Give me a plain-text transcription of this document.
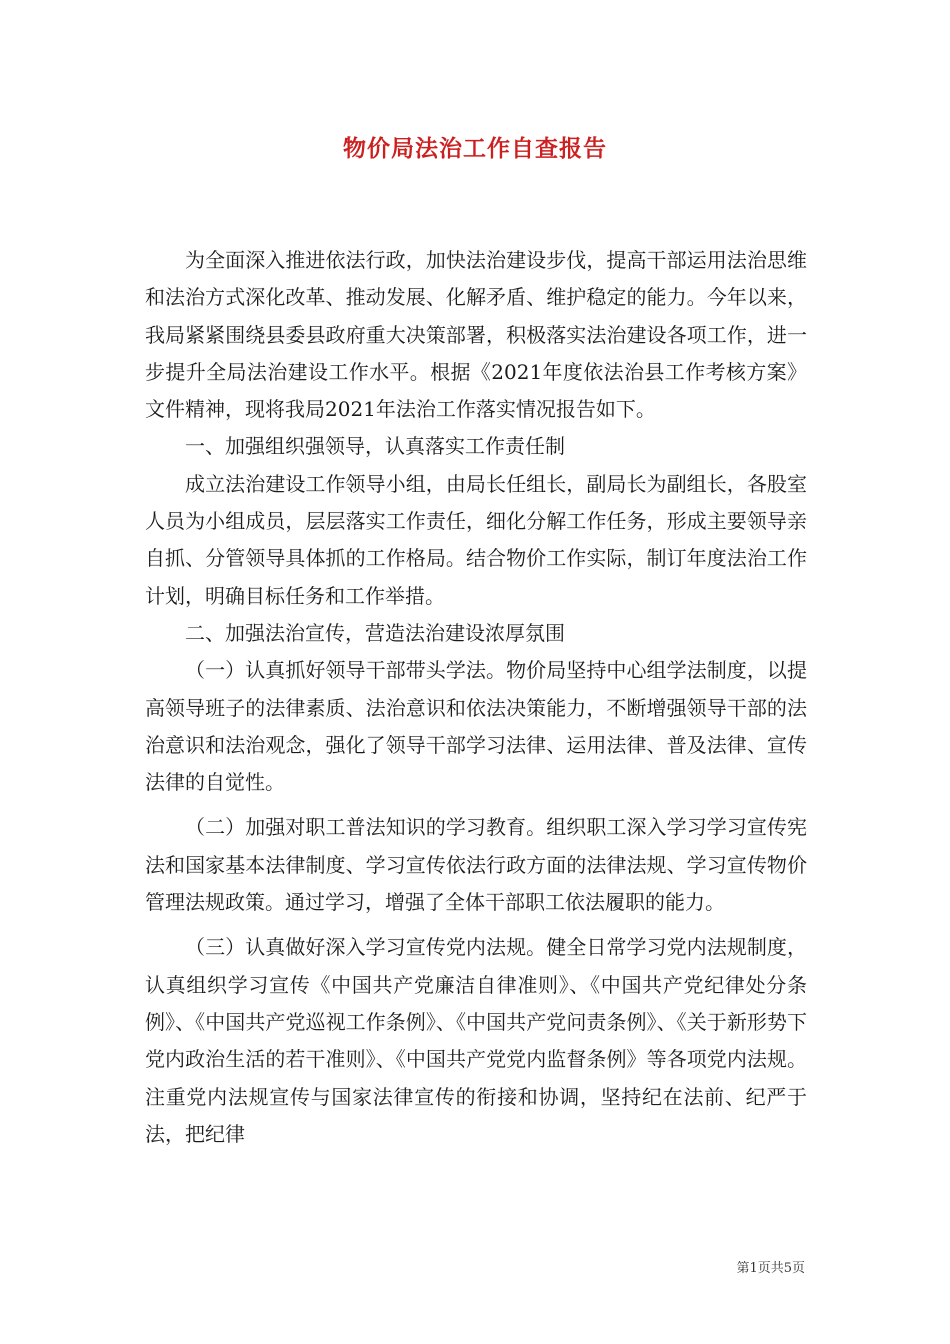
物价局法治工作自查报告

为全面深入推进依法行政，加快法治建设步伐，提高干部运用法治思维和法治方式深化改革、推动发展、化解矛盾、维护稳定的能力。今年以来，我局紧紧围绕县委县政府重大决策部署，积极落实法治建设各项工作，进一步提升全局法治建设工作水平。根据《2021年度依法治县工作考核方案》文件精神，现将我局2021年法治工作落实情况报告如下。

一、加强组织强领导，认真落实工作责任制

成立法治建设工作领导小组，由局长任组长，副局长为副组长，各股室人员为小组成员，层层落实工作责任，细化分解工作任务，形成主要领导亲自抓、分管领导具体抓的工作格局。结合物价工作实际，制订年度法治工作计划，明确目标任务和工作举措。

二、加强法治宣传，营造法治建设浓厚氛围

（一）认真抓好领导干部带头学法。物价局坚持中心组学法制度，以提高领导班子的法律素质、法治意识和依法决策能力，不断增强领导干部的法治意识和法治观念，强化了领导干部学习法律、运用法律、普及法律、宣传法律的自觉性。

（二）加强对职工普法知识的学习教育。组织职工深入学习学习宣传宪法和国家基本法律制度、学习宣传依法行政方面的法律法规、学习宣传物价管理法规政策。通过学习，增强了全体干部职工依法履职的能力。

（三）认真做好深入学习宣传党内法规。健全日常学习党内法规制度，认真组织学习宣传《中国共产党廉洁自律准则》、《中国共产党纪律处分条例》、《中国共产党巡视工作条例》、《中国共产党问责条例》、《关于新形势下党内政治生活的若干准则》、《中国共产党党内监督条例》等各项党内法规。注重党内法规宣传与国家法律宣传的衔接和协调，坚持纪在法前、纪严于法，把纪律

第1页共5页
